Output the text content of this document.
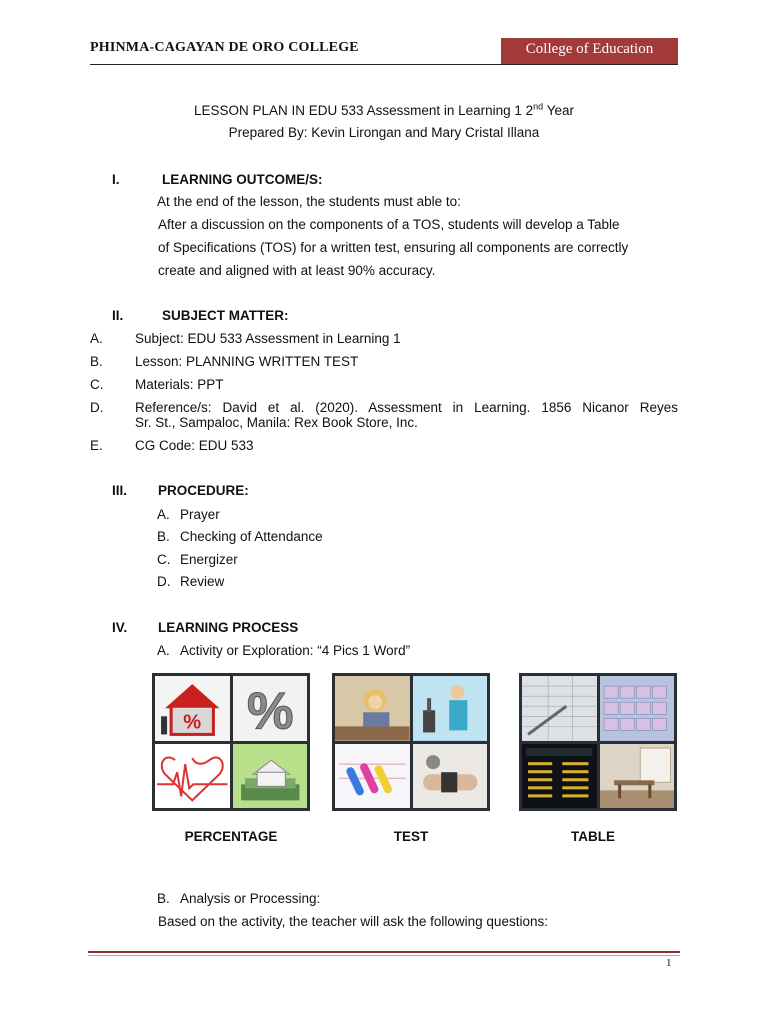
PHINMA-CAGAYAN DE ORO COLLEGE	College of Education
LESSON PLAN IN EDU 533 Assessment in Learning 1 2nd Year
Prepared By: Kevin Lirongan and Mary Cristal Illana
I.	LEARNING OUTCOME/S:
At the end of the lesson, the students must able to:
After a discussion on the components of a TOS, students will develop a Table
of Specifications (TOS) for a written test, ensuring all components are correctly
create and aligned with at least 90% accuracy.
II.	SUBJECT MATTER:
A. Subject: EDU 533 Assessment in Learning 1
B. Lesson: PLANNING WRITTEN TEST
C. Materials: PPT
D. Reference/s: David et al. (2020). Assessment in Learning. 1856 Nicanor Reyes
Sr. St., Sampaloc, Manila: Rex Book Store, Inc.
E. CG Code: EDU 533
III. PROCEDURE:
A. Prayer
B. Checking of Attendance
C. Energizer
D. Review
IV. LEARNING PROCESS
A. Activity or Exploration: “4 Pics 1 Word”
% %
PERCENTAGE	TEST	TABLE
B. Analysis or Processing:
Based on the activity, the teacher will ask the following questions:
1
